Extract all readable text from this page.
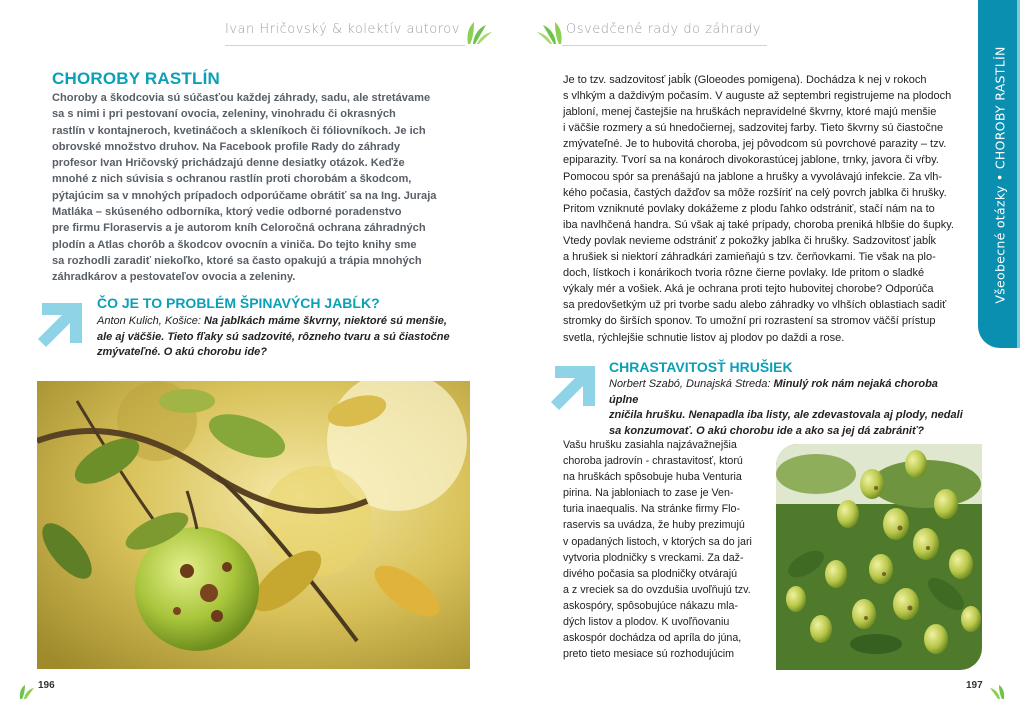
Ivan Hričovský & kolektív autorov	Osvedčené rady do záhrady
Všeobecné otázky • CHOROBY RASTLÍN
CHOROBY RASTLÍN
Choroby a škodcovia sú súčasťou každej záhrady, sadu, ale stretávame
sa s nimi i pri pestovaní ovocia, zeleniny, vinohradu či okrasných
rastlín v kontajneroch, kvetináčoch a skleníkoch či fóliovníkoch. Je ich
obrovské množstvo druhov. Na Facebook profile Rady do záhrady
profesor Ivan Hričovský prichádzajú denne desiatky otázok. Keďže
mnohé z nich súvisia s ochranou rastlín proti chorobám a škodcom,
pýtajúcim sa v mnohých prípadoch odporúčame obrátiť sa na Ing. Juraja
Matláka – skúseného odborníka, ktorý vedie odborné poradenstvo
pre firmu Floraservis a je autorom kníh Celoročná ochrana záhradných
plodín a Atlas chorôb a škodcov ovocnín a viniča. Do tejto knihy sme
sa rozhodli zaradiť niekoľko, ktoré sa často opakujú a trápia mnohých
záhradkárov a pestovateľov ovocia a zeleniny.
ČO JE TO PROBLÉM ŠPINAVÝCH JABĹK?
Anton Kulich, Košice: Na jablkách máme škvrny, niektoré sú menšie,
ale aj väčšie. Tieto fľaky sú sadzovité, rôzneho tvaru a sú čiastočne
zmývateľné. O akú chorobu ide?
196
Je to tzv. sadzovitosť jabĺk (Gloeodes pomigena). Dochádza k nej v rokoch
s vlhkým a daždivým počasím. V auguste až septembri registrujeme na plodoch
jabloní, menej častejšie na hruškách nepravidelné škvrny, ktoré majú menšie
i väčšie rozmery a sú hnedočiernej, sadzovitej farby. Tieto škvrny sú čiastočne
zmývateľné. Je to hubovitá choroba, jej pôvodcom sú povrchové parazity – tzv.
epiparazity. Tvorí sa na konároch divokorastúcej jablone, trnky, javora či vŕby.
Pomocou spór sa prenášajú na jablone a hrušky a vyvolávajú infekcie. Za vlh-
kého počasia, častých dažďov sa môže rozšíriť na celý povrch jablka či hrušky.
Pritom vzniknuté povlaky dokážeme z plodu ľahko odstrániť, stačí nám na to
iba navlhčená handra. Sú však aj také prípady, choroba preniká hlbšie do šupky.
Vtedy povlak nevieme odstrániť z pokožky jablka či hrušky. Sadzovitosť jabĺk
a hrušiek si niektorí záhradkári zamieňajú s tzv. čerňovkami. Tie však na plo-
doch, lístkoch i konárikoch tvoria rôzne čierne povlaky. Ide pritom o sladké
výkaly mér a vošiek. Aká je ochrana proti tejto hubovitej chorobe? Odporúča
sa predovšetkým už pri tvorbe sadu alebo záhradky vo vlhších oblastiach sadiť
stromky do širších sponov. To umožní pri rozrastení sa stromov väčší prístup
svetla, rýchlejšie schnutie listov aj plodov po daždi a rose.
CHRASTAVITOSŤ HRUŠIEK
Norbert Szabó, Dunajská Streda: Minulý rok nám nejaká choroba úplne
zničila hrušku. Nenapadla iba listy, ale zdevastovala aj plody, nedali
sa konzumovať. O akú chorobu ide a ako sa jej dá zabrániť?
Vašu hrušku zasiahla najzávažnejšia
choroba jadrovín - chrastavitosť, ktorú
na hruškách spôsobuje huba Venturia
pirina. Na jabloniach to zase je Ven-
turia inaequalis. Na stránke firmy Flo-
raservis sa uvádza, že huby prezimujú
v opadaných listoch, v ktorých sa do jari
vytvoria plodničky s vreckami. Za daž-
divého počasia sa plodničky otvárajú
a z vreciek sa do ovzdušia uvoľňujú tzv.
askospóry, spôsobujúce nákazu mla-
dých listov a plodov. K uvoľňovaniu
askospór dochádza od apríla do júna,
preto tieto mesiace sú rozhodujúcim
197
